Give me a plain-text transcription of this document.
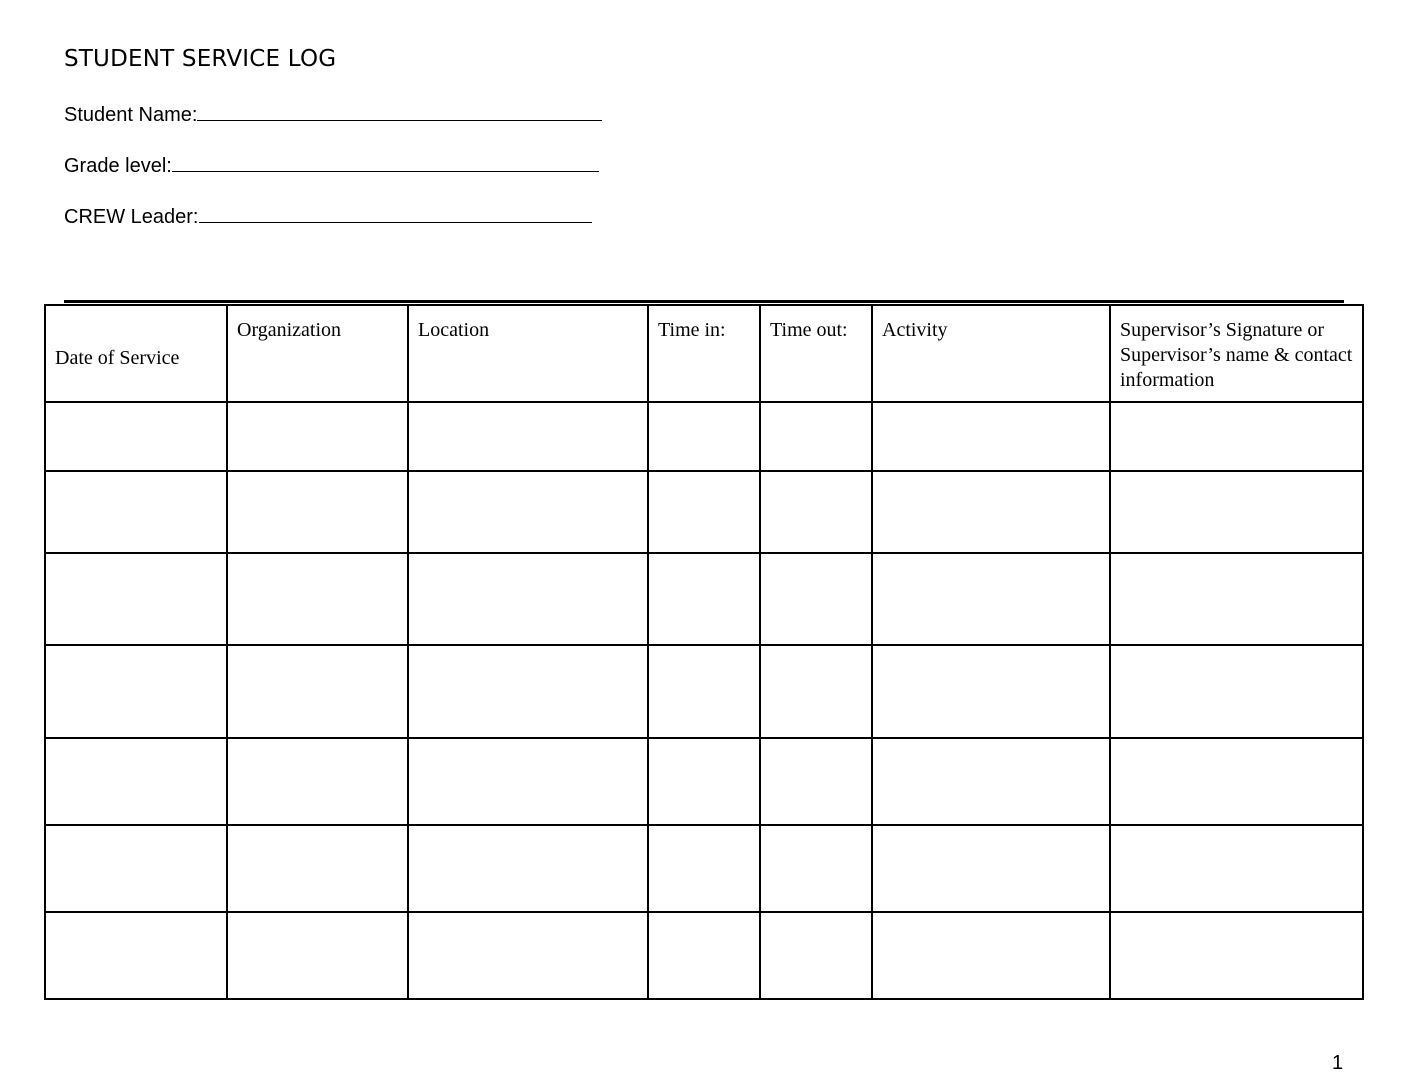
STUDENT SERVICE LOG
Student Name:
Grade level:
CREW Leader:
Date of Service	Organization	Location	Time in:	Time out:	Activity	Supervisor’s Signature or Supervisor’s name & contact information

1
